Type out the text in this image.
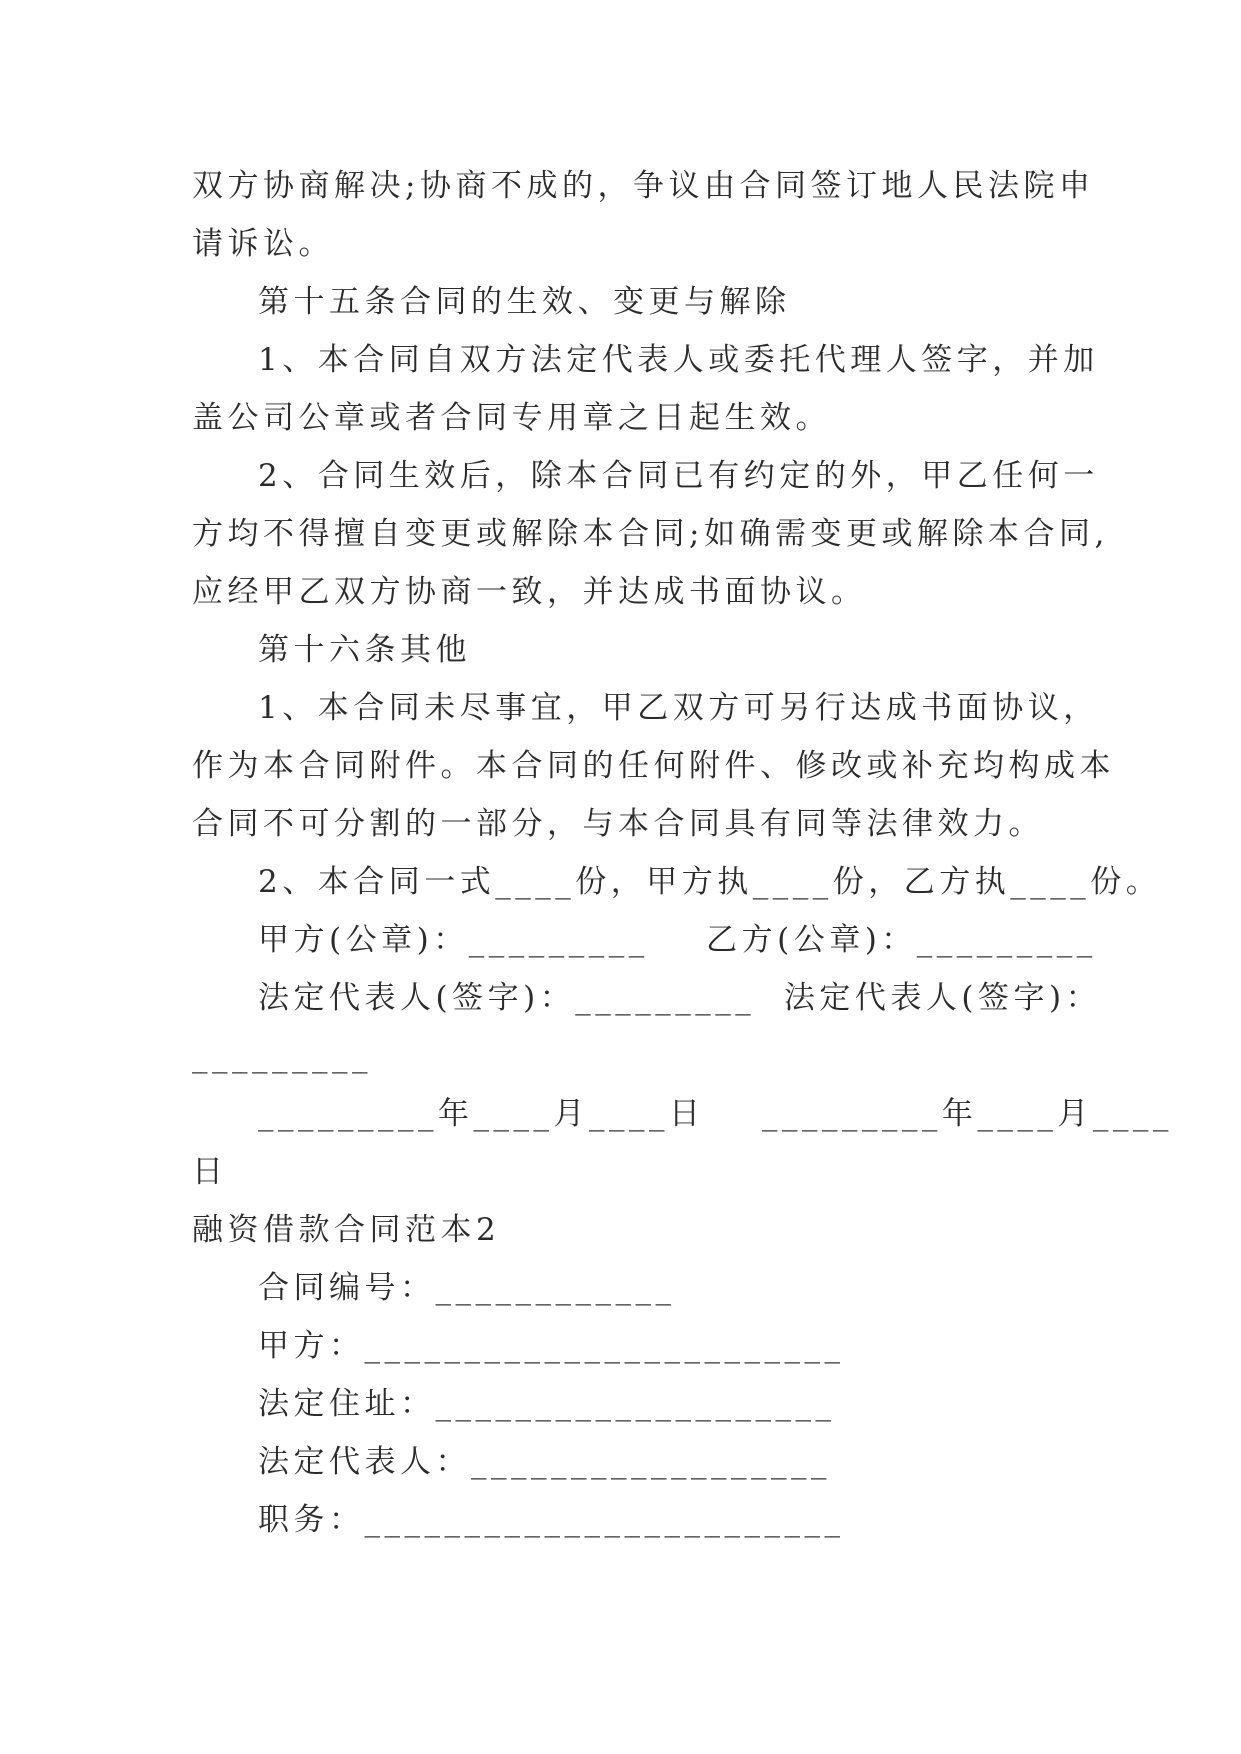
双方协商解决;协商不成的，争议由合同签订地人民法院申
请诉讼。
第十五条合同的生效、变更与解除
1、本合同自双方法定代表人或委托代理人签字，并加
盖公司公章或者合同专用章之日起生效。
2、合同生效后，除本合同已有约定的外，甲乙任何一
方均不得擅自变更或解除本合同;如确需变更或解除本合同,
应经甲乙双方协商一致，并达成书面协议。
第十六条其他
1、本合同未尽事宜，甲乙双方可另行达成书面协议，
作为本合同附件。本合同的任何附件、修改或补充均构成本
合同不可分割的一部分，与本合同具有同等法律效力。
2、本合同一式____份，甲方执____份，乙方执____份。
甲方(公章)：_________    乙方(公章)：_________
法定代表人(签字)：_________  法定代表人(签字)：
_________
_________年____月____日    _________年____月____
日
融资借款合同范本2
合同编号：____________
甲方：________________________
法定住址：____________________
法定代表人：__________________
职务：________________________
